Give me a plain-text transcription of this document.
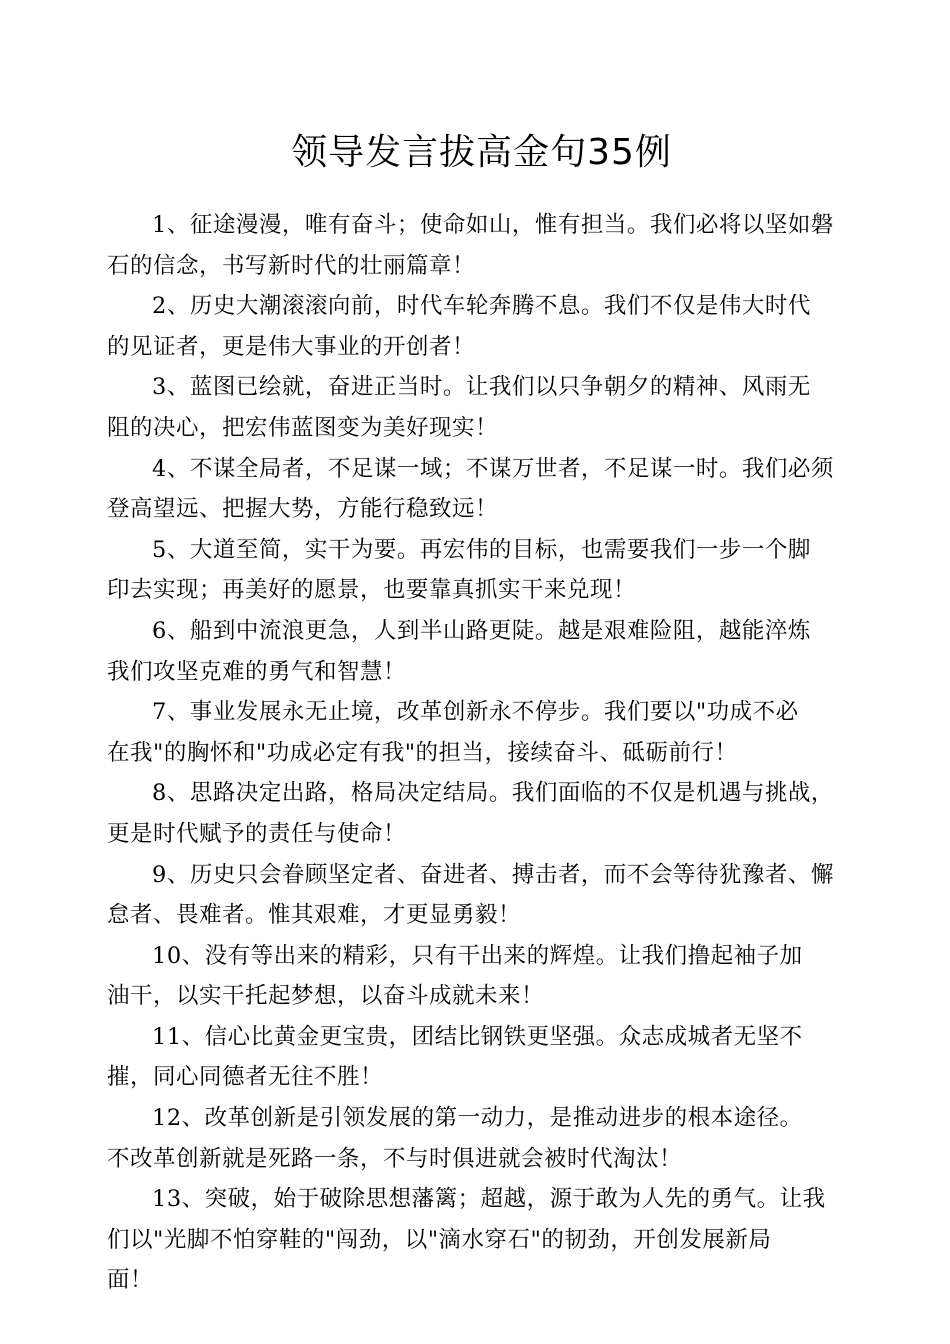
领导发言拔高金句35例

1、征途漫漫，唯有奋斗；使命如山，惟有担当。我们必将以坚如磐
石的信念，书写新时代的壮丽篇章！

2、历史大潮滚滚向前，时代车轮奔腾不息。我们不仅是伟大时代
的见证者，更是伟大事业的开创者！

3、蓝图已绘就，奋进正当时。让我们以只争朝夕的精神、风雨无
阻的决心，把宏伟蓝图变为美好现实！

4、不谋全局者，不足谋一域；不谋万世者，不足谋一时。我们必须
登高望远、把握大势，方能行稳致远！

5、大道至简，实干为要。再宏伟的目标，也需要我们一步一个脚
印去实现；再美好的愿景，也要靠真抓实干来兑现！

6、船到中流浪更急，人到半山路更陡。越是艰难险阻，越能淬炼
我们攻坚克难的勇气和智慧！

7、事业发展永无止境，改革创新永不停步。我们要以"功成不必
在我"的胸怀和"功成必定有我"的担当，接续奋斗、砥砺前行！

8、思路决定出路，格局决定结局。我们面临的不仅是机遇与挑战，
更是时代赋予的责任与使命！

9、历史只会眷顾坚定者、奋进者、搏击者，而不会等待犹豫者、懈
怠者、畏难者。惟其艰难，才更显勇毅！

10、没有等出来的精彩，只有干出来的辉煌。让我们撸起袖子加
油干，以实干托起梦想，以奋斗成就未来！

11、信心比黄金更宝贵，团结比钢铁更坚强。众志成城者无坚不
摧，同心同德者无往不胜！

12、改革创新是引领发展的第一动力，是推动进步的根本途径。
不改革创新就是死路一条，不与时俱进就会被时代淘汰！

13、突破，始于破除思想藩篱；超越，源于敢为人先的勇气。让我
们以"光脚不怕穿鞋的"闯劲，以"滴水穿石"的韧劲，开创发展新局
面！
